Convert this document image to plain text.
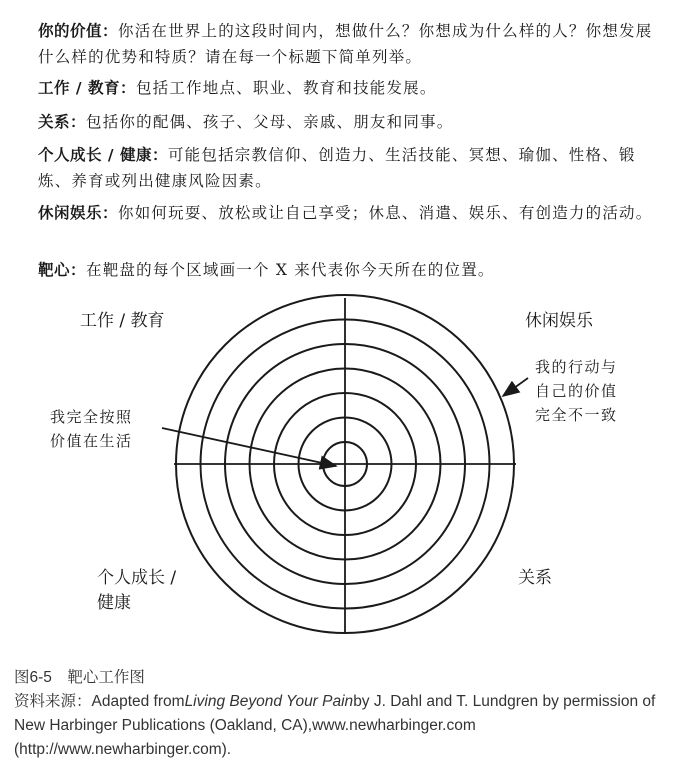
你的价值：你活在世界上的这段时间内，想做什么？你想成为什么样的人？你想发展什么样的优势和特质？请在每一个标题下简单列举。
工作 / 教育：包括工作地点、职业、教育和技能发展。
关系：包括你的配偶、孩子、父母、亲戚、朋友和同事。
个人成长 / 健康：可能包括宗教信仰、创造力、生活技能、冥想、瑜伽、性格、锻炼、养育或列出健康风险因素。
休闲娱乐：你如何玩耍、放松或让自己享受；休息、消遣、娱乐、有创造力的活动。
靶心：在靶盘的每个区域画一个 X 来代表你今天所在的位置。
工作 / 教育	休闲娱乐
个人成长 /
健康
关系
我完全按照
价值在生活
我的行动与
自己的价值
完全不一致
图6-5　靶心工作图
资料来源：Adapted fromLiving Beyond Your Painby J. Dahl and T. Lundgren by permission of New Harbinger Publications (Oakland, CA),www.newharbinger.com (http://www.newharbinger.com).
